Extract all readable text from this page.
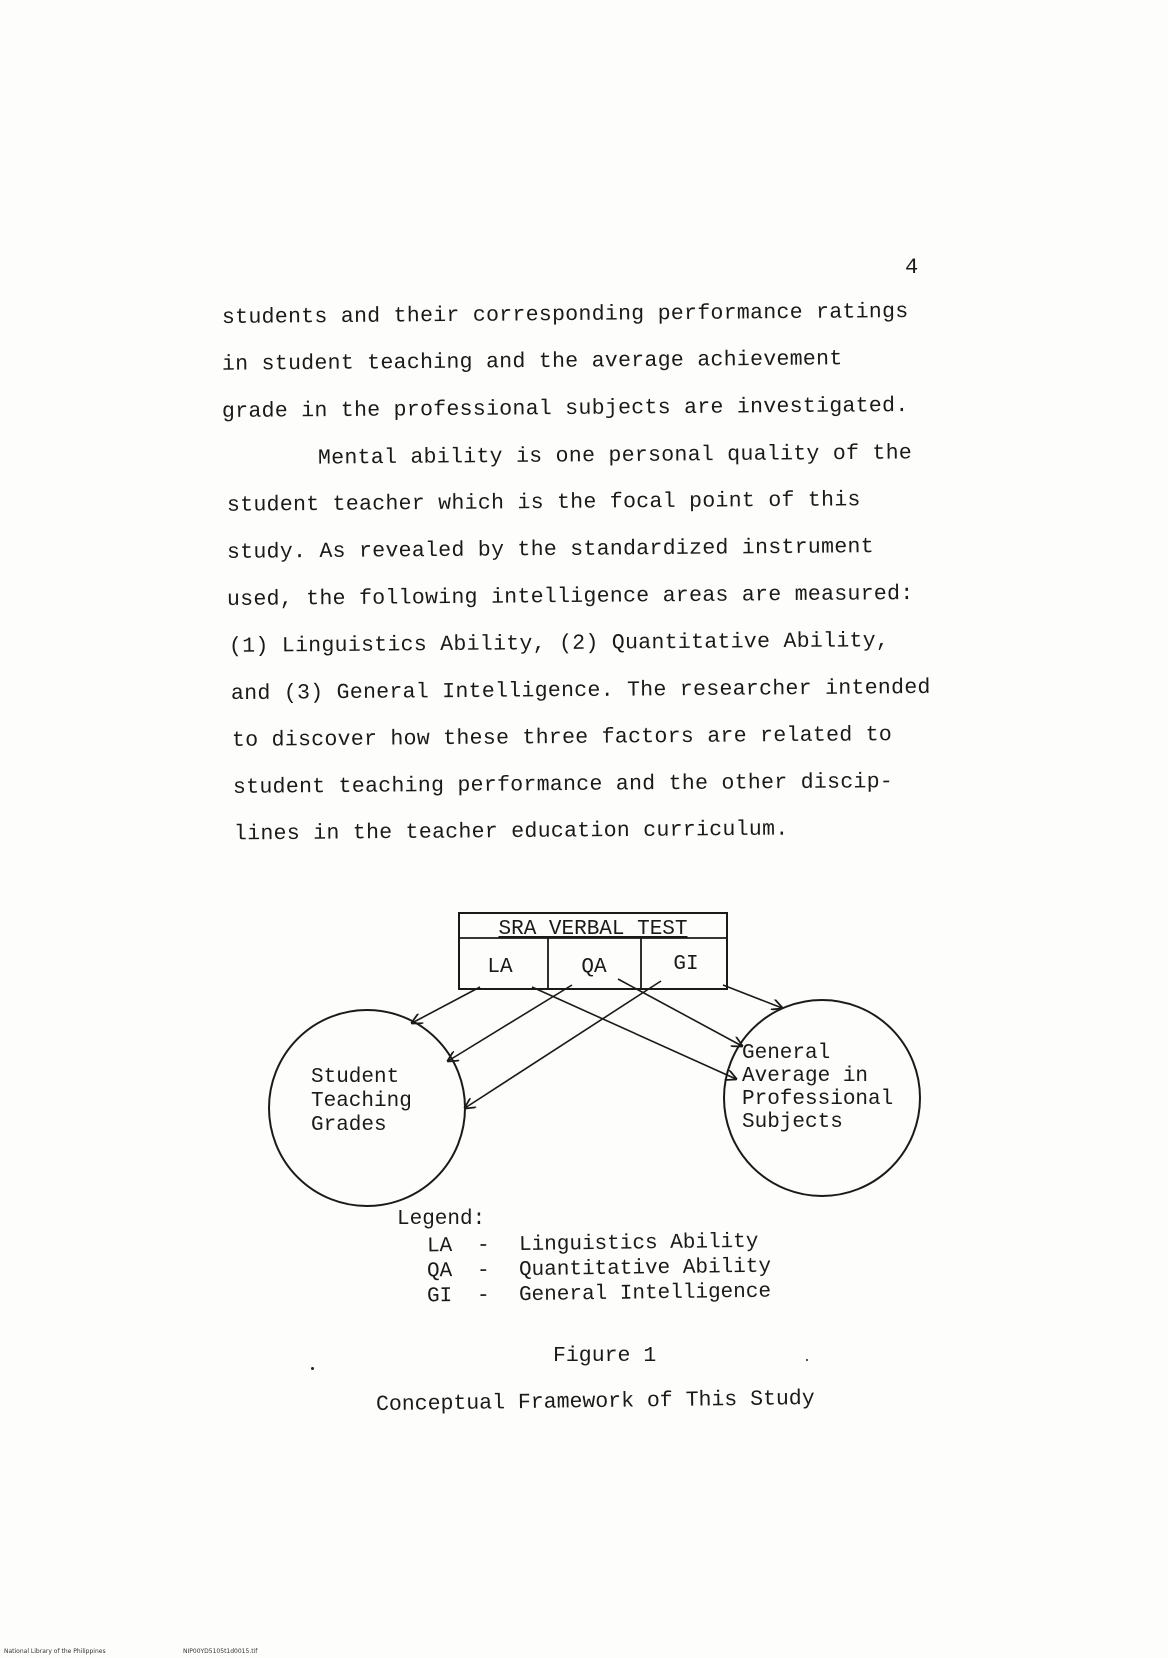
4
students and their corresponding performance ratings
in student teaching and the average achievement
grade in the professional subjects are investigated.
Mental ability is one personal quality of the
student teacher which is the focal point of this
study. As revealed by the standardized instrument
used, the following intelligence areas are measured:
(1) Linguistics Ability, (2) Quantitative Ability,
and (3) General Intelligence. The researcher intended
to discover how these three factors are related to
student teaching performance and the other discip-
lines in the teacher education curriculum.
SRA VERBAL TEST
LA	QA	GI
Student Teaching Grades
General Average in Professional Subjects
Legend:
LA - Linguistics Ability
QA - Quantitative Ability
GI - General Intelligence
Figure 1
Conceptual Framework of This Study
National Library of the Philippines	NIP00YD5105t1d0015.tif
